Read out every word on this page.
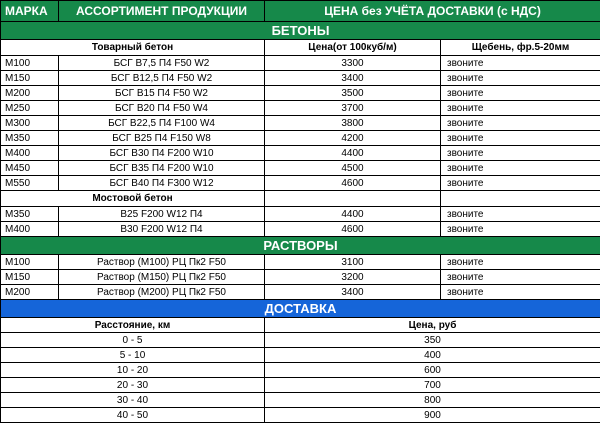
МАРКА	АССОРТИМЕНТ ПРОДУКЦИИ	ЦЕНА без УЧЁТА ДОСТАВКИ (с НДС)	
БЕТОНЫ			
Товарный бетон		Цена(от 100куб/м)	Щебень, фр.5-20мм
М100	БСГ В7,5 П4 F50 W2	3300	звоните
М150	БСГ В12,5 П4 F50 W2	3400	звоните
М200	БСГ В15 П4 F50 W2	3500	звоните
М250	БСГ В20 П4 F50 W4	3700	звоните
М300	БСГ В22,5 П4 F100 W4	3800	звоните
М350	БСГ В25 П4 F150 W8	4200	звоните
М400	БСГ В30 П4 F200 W10	4400	звоните
М450	БСГ В35 П4 F200 W10	4500	звоните
М550	БСГ В40 П4 F300 W12	4600	звоните
Мостовой бетон			
М350	В25 F200 W12 П4	4400	звоните
М400	В30 F200 W12 П4	4600	звоните
РАСТВОРЫ			
М100	Раствор (М100) РЦ Пк2 F50	3100	звоните
М150	Раствор (М150) РЦ Пк2 F50	3200	звоните
М200	Раствор (М200) РЦ Пк2 F50	3400	звоните
ДОСТАВКА			
Расстояние, км		Цена, руб	
0 - 5		350	
5 - 10		400	
10 - 20		600	
20 - 30		700	
30 - 40		800	
40 - 50		900	
